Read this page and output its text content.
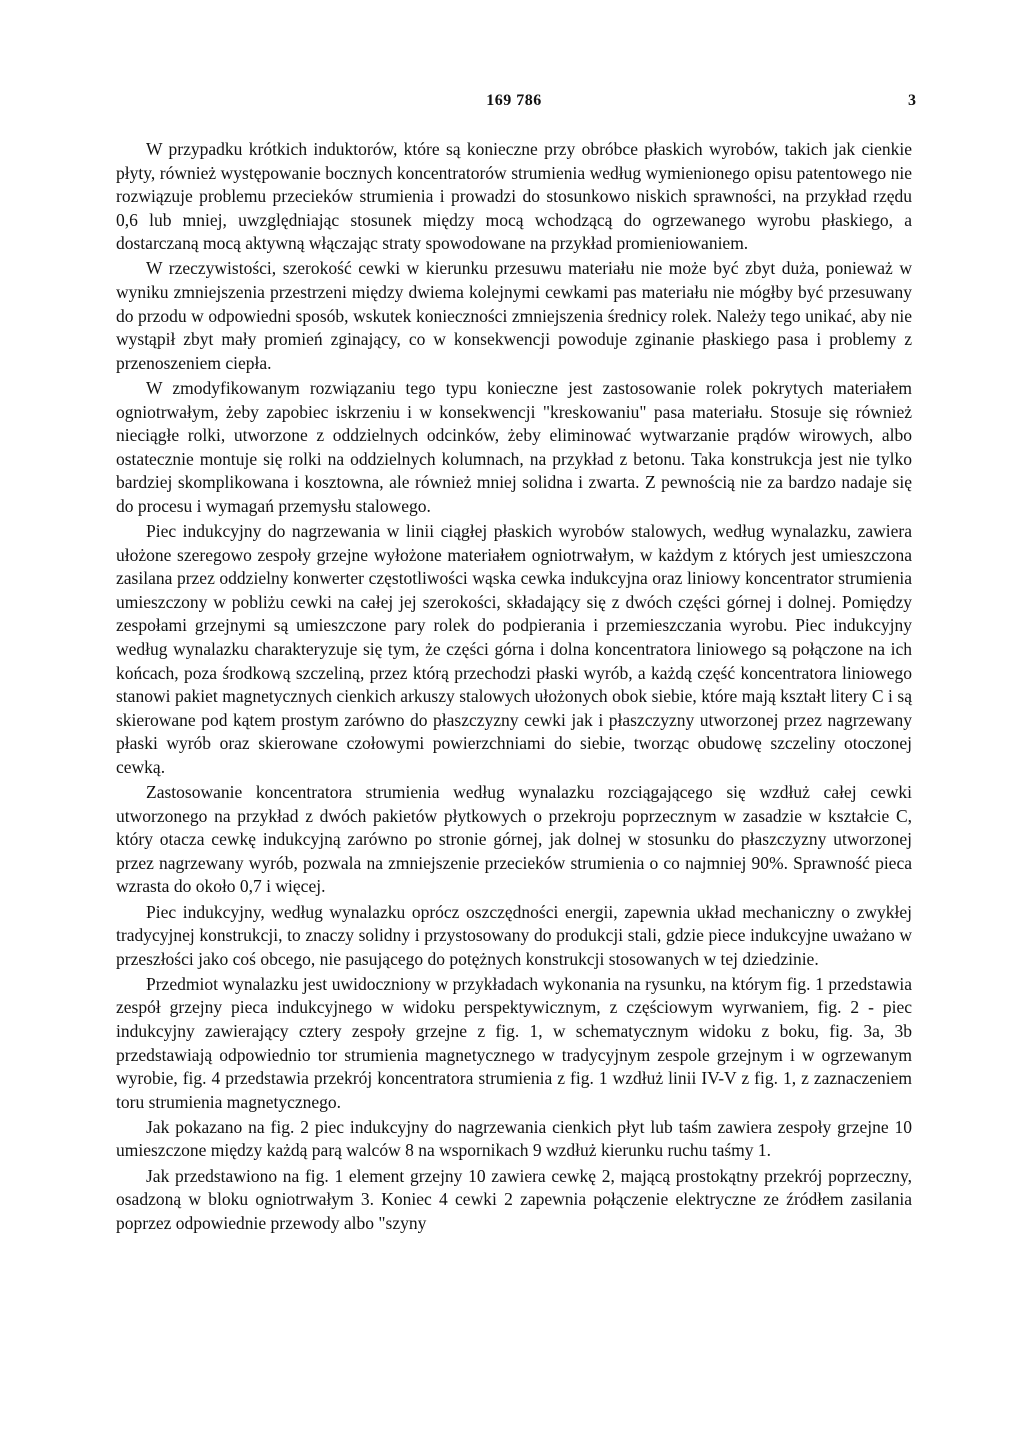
169 786	3

W przypadku krótkich induktorów, które są konieczne przy obróbce płaskich wyrobów, takich jak cienkie płyty, również występowanie bocznych koncentratorów strumienia według wymienionego opisu patentowego nie rozwiązuje problemu przecieków strumienia i prowadzi do stosunkowo niskich sprawności, na przykład rzędu 0,6 lub mniej, uwzględniając stosunek między mocą wchodzącą do ogrzewanego wyrobu płaskiego, a dostarczaną mocą aktywną włączając straty spowodowane na przykład promieniowaniem.

W rzeczywistości, szerokość cewki w kierunku przesuwu materiału nie może być zbyt duża, ponieważ w wyniku zmniejszenia przestrzeni między dwiema kolejnymi cewkami pas materiału nie mógłby być przesuwany do przodu w odpowiedni sposób, wskutek konieczności zmniejszenia średnicy rolek. Należy tego unikać, aby nie wystąpił zbyt mały promień zginający, co w konsekwencji powoduje zginanie płaskiego pasa i problemy z przenoszeniem ciepła.

W zmodyfikowanym rozwiązaniu tego typu konieczne jest zastosowanie rolek pokrytych materiałem ogniotrwałym, żeby zapobiec iskrzeniu i w konsekwencji "kreskowaniu" pasa materiału. Stosuje się również nieciągłe rolki, utworzone z oddzielnych odcinków, żeby eliminować wytwarzanie prądów wirowych, albo ostatecznie montuje się rolki na oddzielnych kolumnach, na przykład z betonu. Taka konstrukcja jest nie tylko bardziej skomplikowana i kosztowna, ale również mniej solidna i zwarta. Z pewnością nie za bardzo nadaje się do procesu i wymagań przemysłu stalowego.

Piec indukcyjny do nagrzewania w linii ciągłej płaskich wyrobów stalowych, według wynalazku, zawiera ułożone szeregowo zespoły grzejne wyłożone materiałem ogniotrwałym, w każdym z których jest umieszczona zasilana przez oddzielny konwerter częstotliwości wąska cewka indukcyjna oraz liniowy koncentrator strumienia umieszczony w pobliżu cewki na całej jej szerokości, składający się z dwóch części górnej i dolnej. Pomiędzy zespołami grzejnymi są umieszczone pary rolek do podpierania i przemieszczania wyrobu. Piec indukcyjny według wynalazku charakteryzuje się tym, że części górna i dolna koncentratora liniowego są połączone na ich końcach, poza środkową szczeliną, przez którą przechodzi płaski wyrób, a każdą część koncentratora liniowego stanowi pakiet magnetycznych cienkich arkuszy stalowych ułożonych obok siebie, które mają kształt litery C i są skierowane pod kątem prostym zarówno do płaszczyzny cewki jak i płaszczyzny utworzonej przez nagrzewany płaski wyrób oraz skierowane czołowymi powierzchniami do siebie, tworząc obudowę szczeliny otoczonej cewką.

Zastosowanie koncentratora strumienia według wynalazku rozciągającego się wzdłuż całej cewki utworzonego na przykład z dwóch pakietów płytkowych o przekroju poprzecznym w zasadzie w kształcie C, który otacza cewkę indukcyjną zarówno po stronie górnej, jak dolnej w stosunku do płaszczyzny utworzonej przez nagrzewany wyrób, pozwala na zmniejszenie przecieków strumienia o co najmniej 90%. Sprawność pieca wzrasta do około 0,7 i więcej.

Piec indukcyjny, według wynalazku oprócz oszczędności energii, zapewnia układ mechaniczny o zwykłej tradycyjnej konstrukcji, to znaczy solidny i przystosowany do produkcji stali, gdzie piece indukcyjne uważano w przeszłości jako coś obcego, nie pasującego do potężnych konstrukcji stosowanych w tej dziedzinie.

Przedmiot wynalazku jest uwidoczniony w przykładach wykonania na rysunku, na którym fig. 1 przedstawia zespół grzejny pieca indukcyjnego w widoku perspektywicznym, z częściowym wyrwaniem, fig. 2 - piec indukcyjny zawierający cztery zespoły grzejne z fig. 1, w schematycznym widoku z boku, fig. 3a, 3b przedstawiają odpowiednio tor strumienia magnetycznego w tradycyjnym zespole grzejnym i w ogrzewanym wyrobie, fig. 4 przedstawia przekrój koncentratora strumienia z fig. 1 wzdłuż linii IV-V z fig. 1, z zaznaczeniem toru strumienia magnetycznego.

Jak pokazano na fig. 2 piec indukcyjny do nagrzewania cienkich płyt lub taśm zawiera zespoły grzejne 10 umieszczone między każdą parą walców 8 na wspornikach 9 wzdłuż kierunku ruchu taśmy 1.

Jak przedstawiono na fig. 1 element grzejny 10 zawiera cewkę 2, mającą prostokątny przekrój poprzeczny, osadzoną w bloku ogniotrwałym 3. Koniec 4 cewki 2 zapewnia połączenie elektryczne ze źródłem zasilania poprzez odpowiednie przewody albo "szyny
